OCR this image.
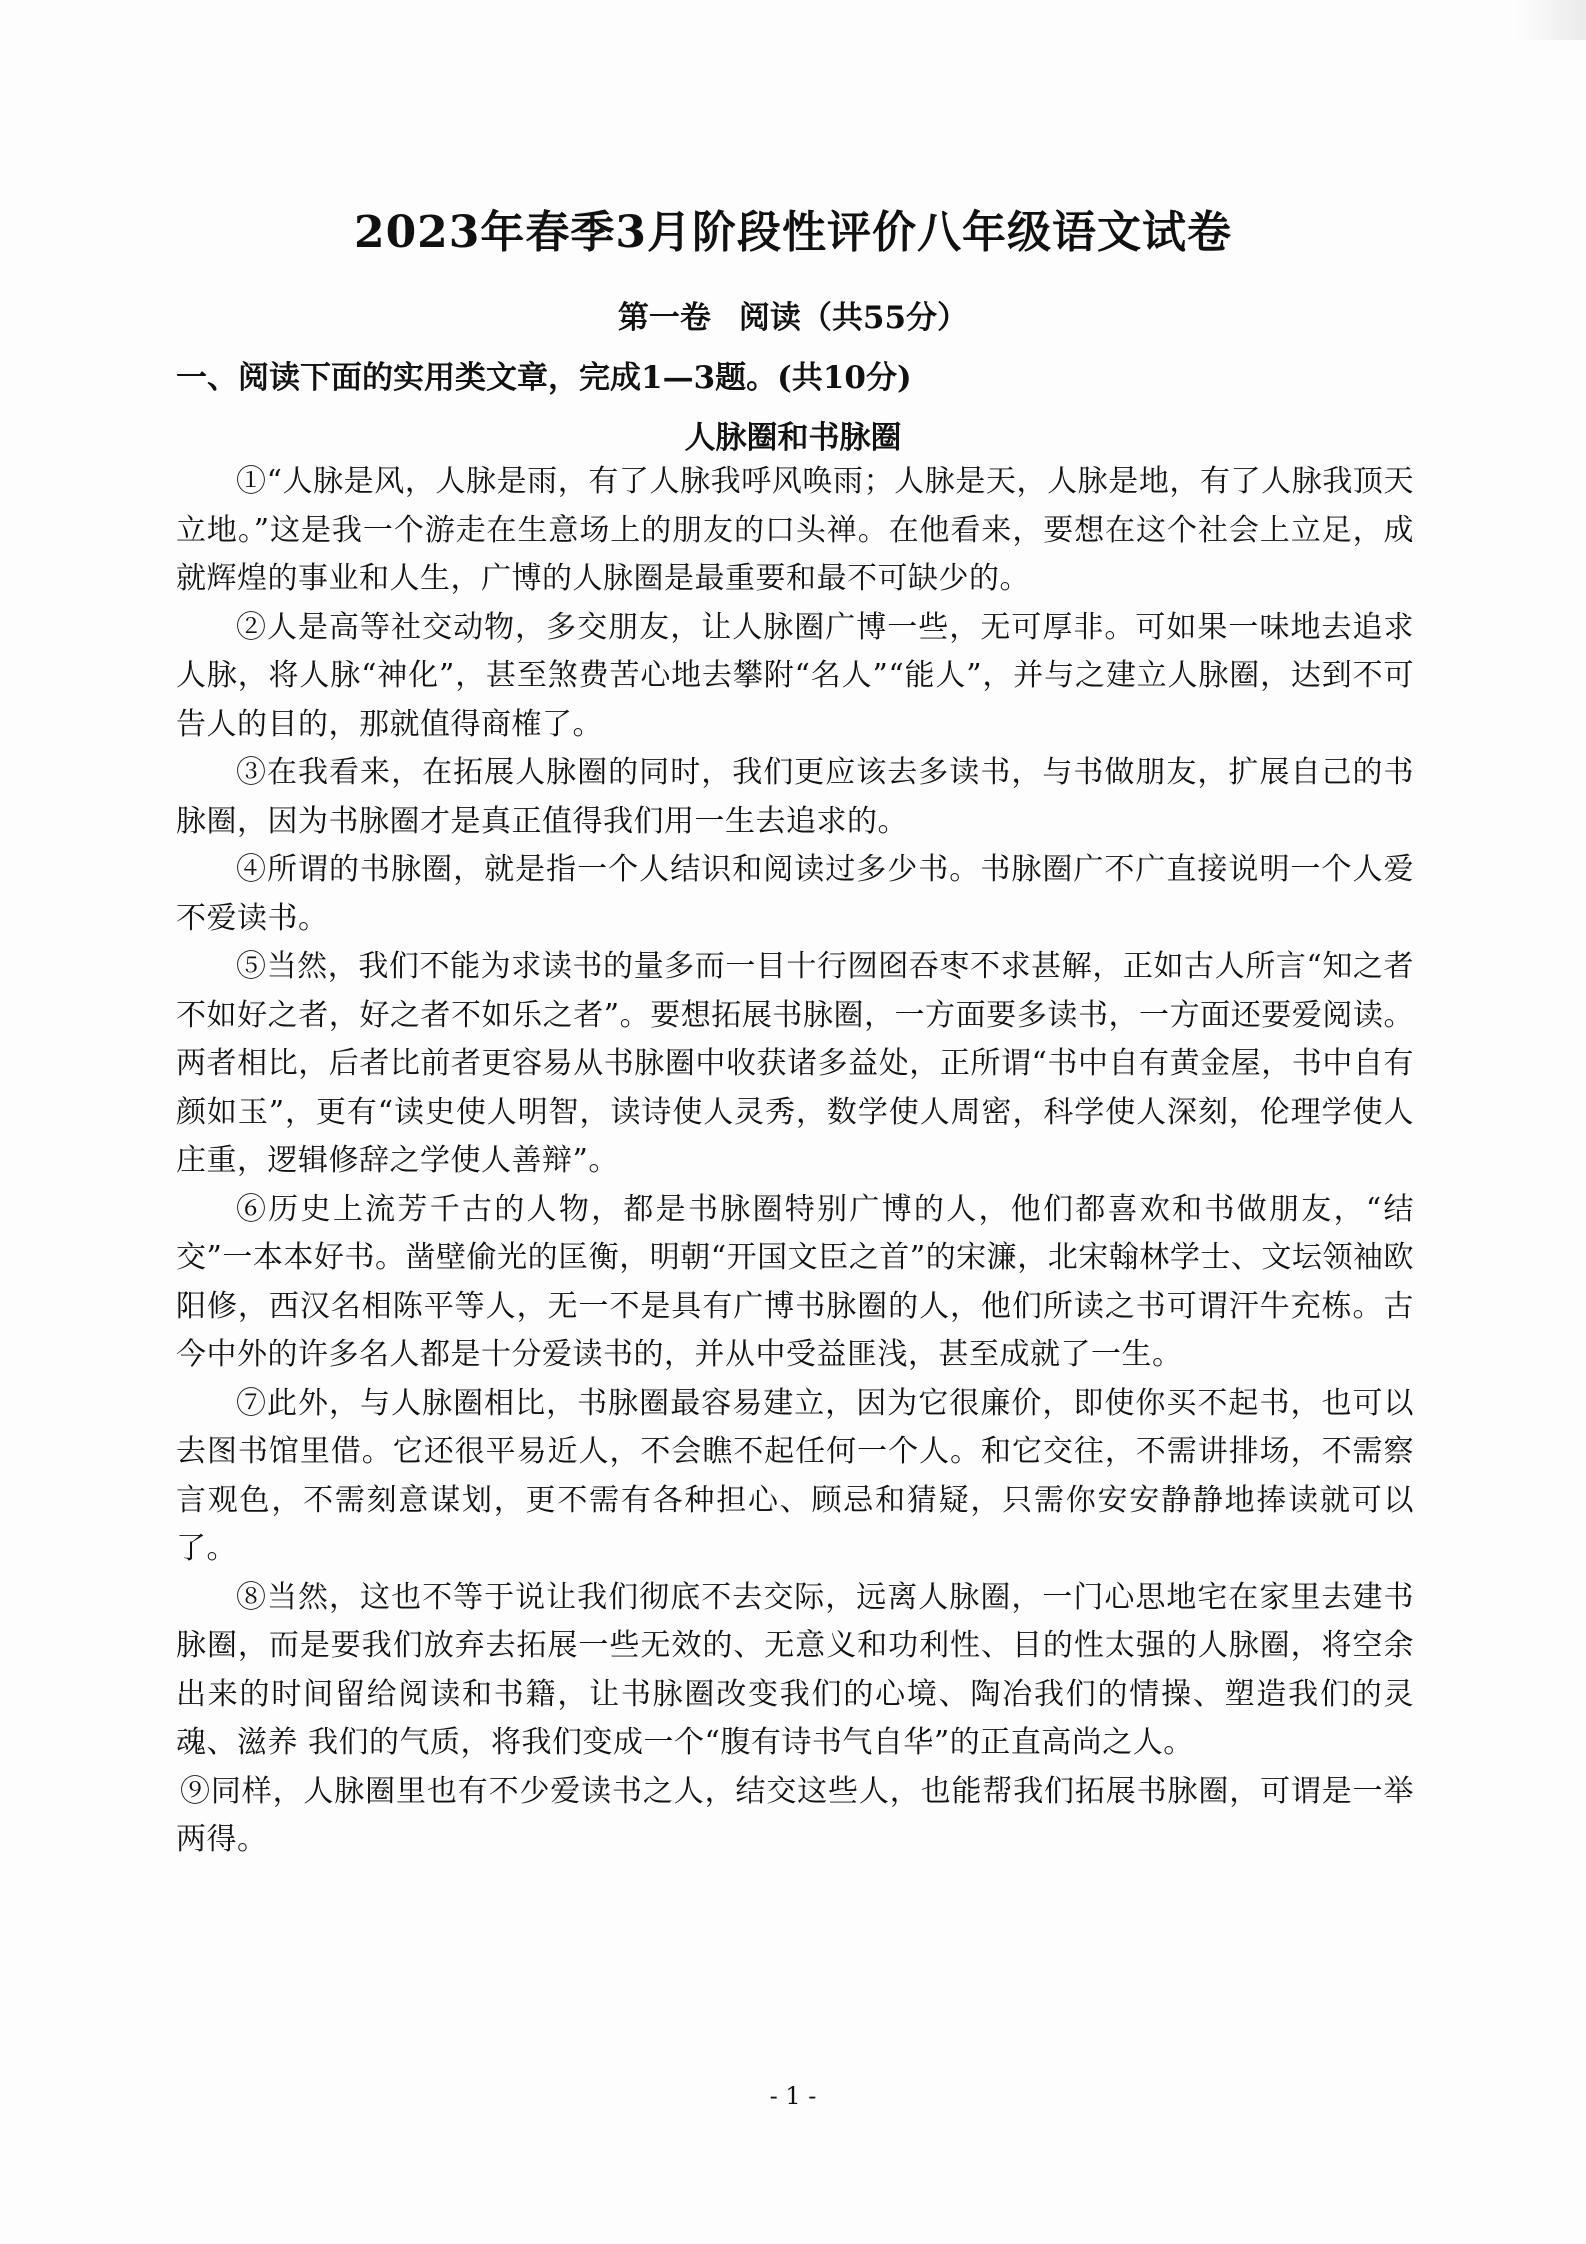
2023年春季3月阶段性评价八年级语文试卷
第一卷 阅读（共55分）
一、阅读下面的实用类文章，完成1—3题。(共10分)
人脉圈和书脉圈

①“人脉是风，人脉是雨，有了人脉我呼风唤雨；人脉是天，人脉是地，有了人脉我顶天立地。”这是我一个游走在生意场上的朋友的口头禅。在他看来，要想在这个社会上立足，成就辉煌的事业和人生，广博的人脉圈是最重要和最不可缺少的。

②人是高等社交动物，多交朋友，让人脉圈广博一些，无可厚非。可如果一味地去追求人脉，将人脉“神化”，甚至煞费苦心地去攀附“名人”“能人”，并与之建立人脉圈，达到不可告人的目的，那就值得商榷了。

③在我看来，在拓展人脉圈的同时，我们更应该去多读书，与书做朋友，扩展自己的书脉圈，因为书脉圈才是真正值得我们用一生去追求的。

④所谓的书脉圈，就是指一个人结识和阅读过多少书。书脉圈广不广直接说明一个人爱不爱读书。

⑤当然，我们不能为求读书的量多而一目十行囫囵吞枣不求甚解，正如古人所言“知之者不如好之者，好之者不如乐之者”。要想拓展书脉圈，一方面要多读书，一方面还要爱阅读。 两者相比，后者比前者更容易从书脉圈中收获诸多益处，正所谓“书中自有黄金屋，书中自有颜如玉”，更有“读史使人明智，读诗使人灵秀，数学使人周密，科学使人深刻，伦理学使人庄重，逻辑修辞之学使人善辩”。

⑥历史上流芳千古的人物，都是书脉圈特别广博的人，他们都喜欢和书做朋友，“结交”一本本好书。凿壁偷光的匡衡，明朝“开国文臣之首”的宋濂，北宋翰林学士、文坛领袖欧阳修，西汉名相陈平等人，无一不是具有广博书脉圈的人，他们所读之书可谓汗牛充栋。古今中外的许多名人都是十分爱读书的，并从中受益匪浅，甚至成就了一生。

⑦此外，与人脉圈相比，书脉圈最容易建立，因为它很廉价，即使你买不起书，也可以去图书馆里借。它还很平易近人，不会瞧不起任何一个人。和它交往，不需讲排场，不需察言观色，不需刻意谋划，更不需有各种担心、顾忌和猜疑，只需你安安静静地捧读就可以了。

⑧当然，这也不等于说让我们彻底不去交际，远离人脉圈，一门心思地宅在家里去建书脉圈，而是要我们放弃去拓展一些无效的、无意义和功利性、目的性太强的人脉圈，将空余出来的时间留给阅读和书籍，让书脉圈改变我们的心境、陶冶我们的情操、塑造我们的灵魂、滋养 我们的气质，将我们变成一个“腹有诗书气自华”的正直高尚之人。

⑨同样，人脉圈里也有不少爱读书之人，结交这些人，也能帮我们拓展书脉圈，可谓是一举两得。

- 1 -
